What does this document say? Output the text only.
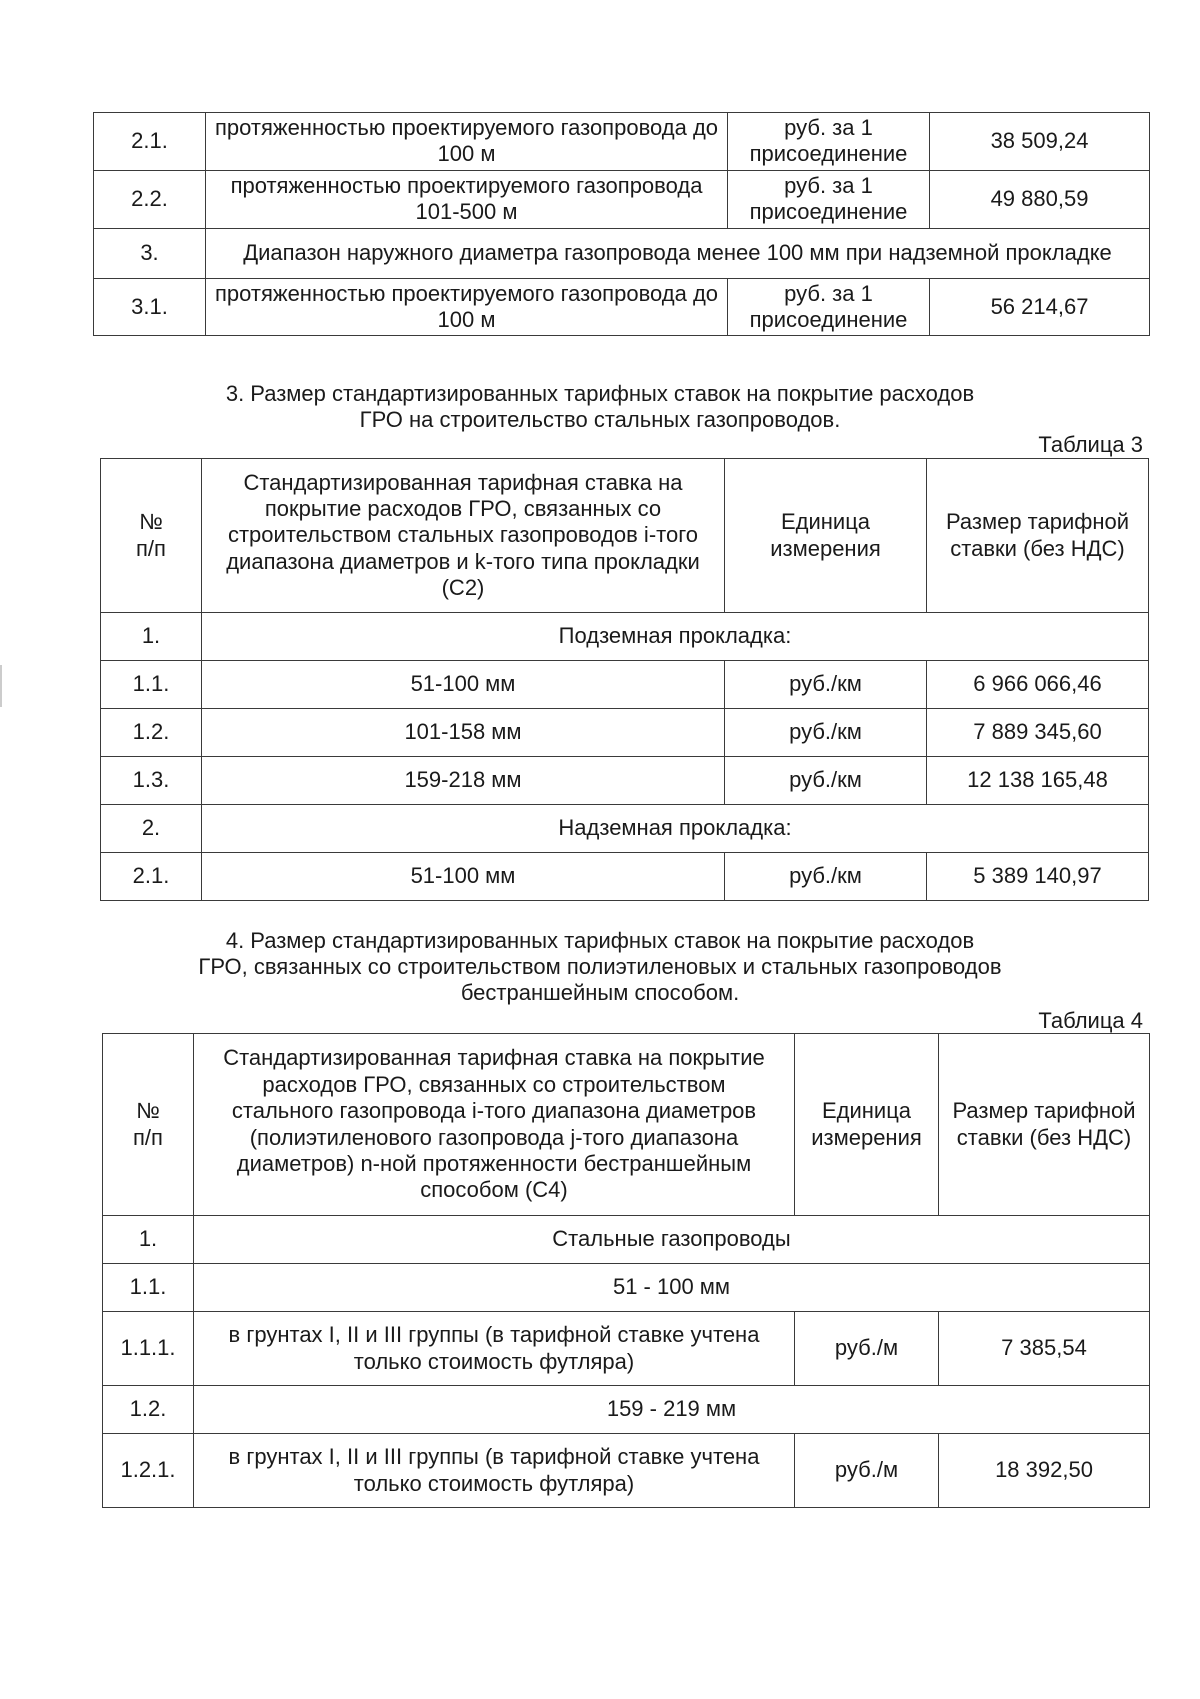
2.1.	протяженностью проектируемого газопровода до 100 м	руб. за 1 присоединение	38 509,24
2.2.	протяженностью проектируемого газопровода 101-500 м	руб. за 1 присоединение	49 880,59
3.	Диапазон наружного диаметра газопровода менее 100 мм при надземной прокладке		
3.1.	протяженностью проектируемого газопровода до 100 м	руб. за 1 присоединение	56 214,67
3. Размер стандартизированных тарифных ставок на покрытие расходов
ГРО на строительство стальных газопроводов.
Таблица 3
№ п/п	Стандартизированная тарифная ставка на покрытие расходов ГРО, связанных со строительством стальных газопроводов i-того диапазона диаметров и k-того типа прокладки (С2)	Единица измерения	Размер тарифной ставки (без НДС)
1.	Подземная прокладка:		
1.1.	51-100 мм	руб./км	6 966 066,46
1.2.	101-158 мм	руб./км	7 889 345,60
1.3.	159-218 мм	руб./км	12 138 165,48
2.	Надземная прокладка:		
2.1.	51-100 мм	руб./км	5 389 140,97
4. Размер стандартизированных тарифных ставок на покрытие расходов
ГРО, связанных со строительством полиэтиленовых и стальных газопроводов
бестраншейным способом.
Таблица 4
№ п/п	Стандартизированная тарифная ставка на покрытие расходов ГРО, связанных со строительством стального газопровода i-того диапазона диаметров (полиэтиленового газопровода j-того диапазона диаметров) n-ной протяженности бестраншейным способом (С4)	Единица измерения	Размер тарифной ставки (без НДС)
1.	Стальные газопроводы		
1.1.	51 - 100 мм		
1.1.1.	в грунтах I, II и III группы (в тарифной ставке учтена только стоимость футляра)	руб./м	7 385,54
1.2.	159 - 219 мм		
1.2.1.	в грунтах I, II и III группы (в тарифной ставке учтена только стоимость футляра)	руб./м	18 392,50
